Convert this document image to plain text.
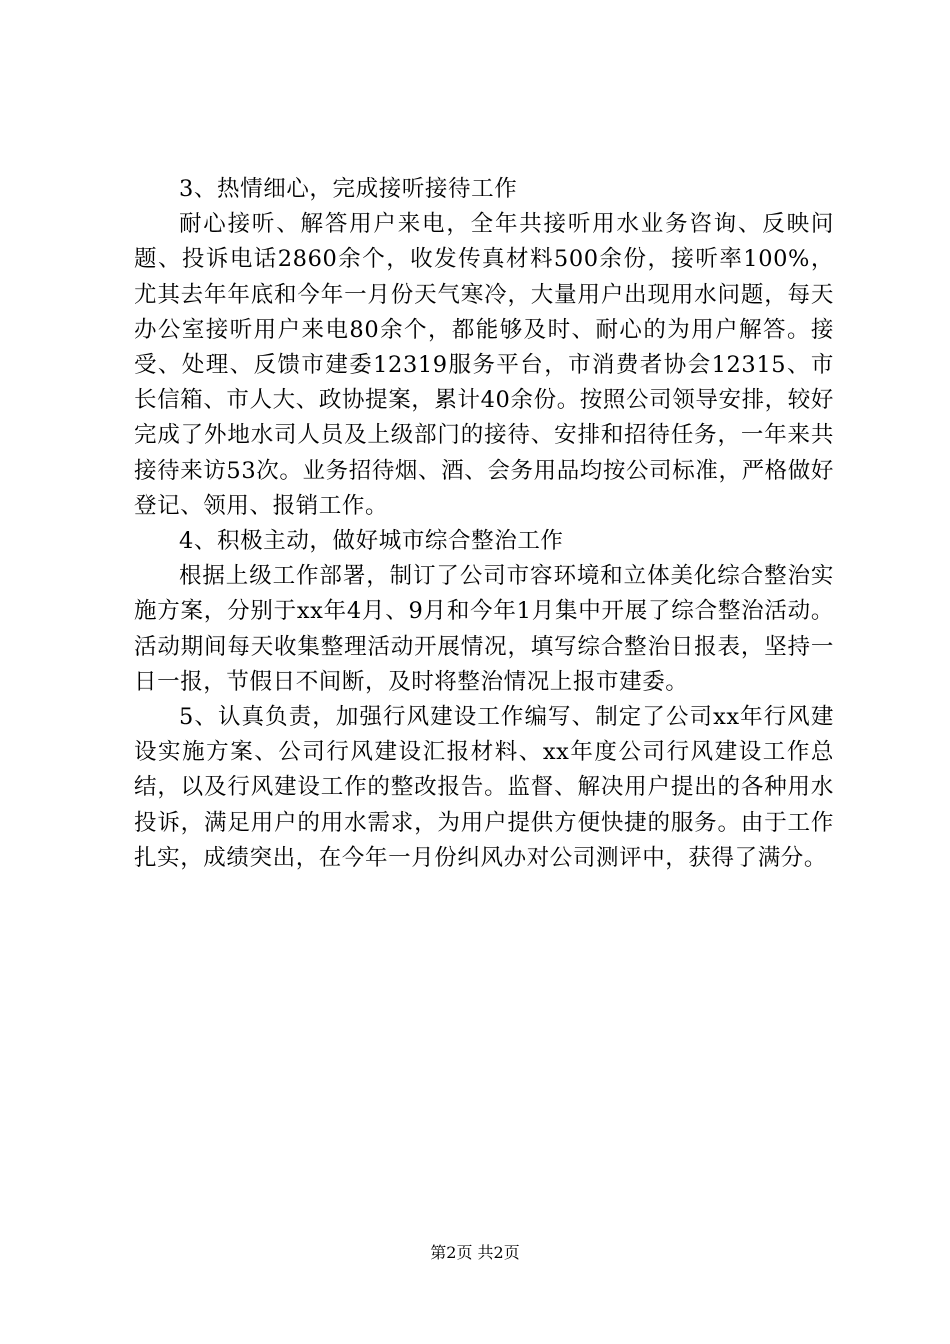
3、热情细心，完成接听接待工作

耐心接听、解答用户来电，全年共接听用水业务咨询、反映问题、投诉电话2860余个，收发传真材料500余份，接听率100%，尤其去年年底和今年一月份天气寒冷，大量用户出现用水问题，每天办公室接听用户来电80余个，都能够及时、耐心的为用户解答。接受、处理、反馈市建委12319服务平台，市消费者协会12315、市长信箱、市人大、政协提案，累计40余份。按照公司领导安排，较好完成了外地水司人员及上级部门的接待、安排和招待任务，一年来共接待来访53次。业务招待烟、酒、会务用品均按公司标准，严格做好登记、领用、报销工作。

4、积极主动，做好城市综合整治工作

根据上级工作部署，制订了公司市容环境和立体美化综合整治实施方案，分别于xx年4月、9月和今年1月集中开展了综合整治活动。活动期间每天收集整理活动开展情况，填写综合整治日报表，坚持一日一报，节假日不间断，及时将整治情况上报市建委。

5、认真负责，加强行风建设工作编写、制定了公司xx年行风建设实施方案、公司行风建设汇报材料、xx年度公司行风建设工作总结，以及行风建设工作的整改报告。监督、解决用户提出的各种用水投诉，满足用户的用水需求，为用户提供方便快捷的服务。由于工作扎实，成绩突出，在今年一月份纠风办对公司测评中，获得了满分。

第2页 共2页
